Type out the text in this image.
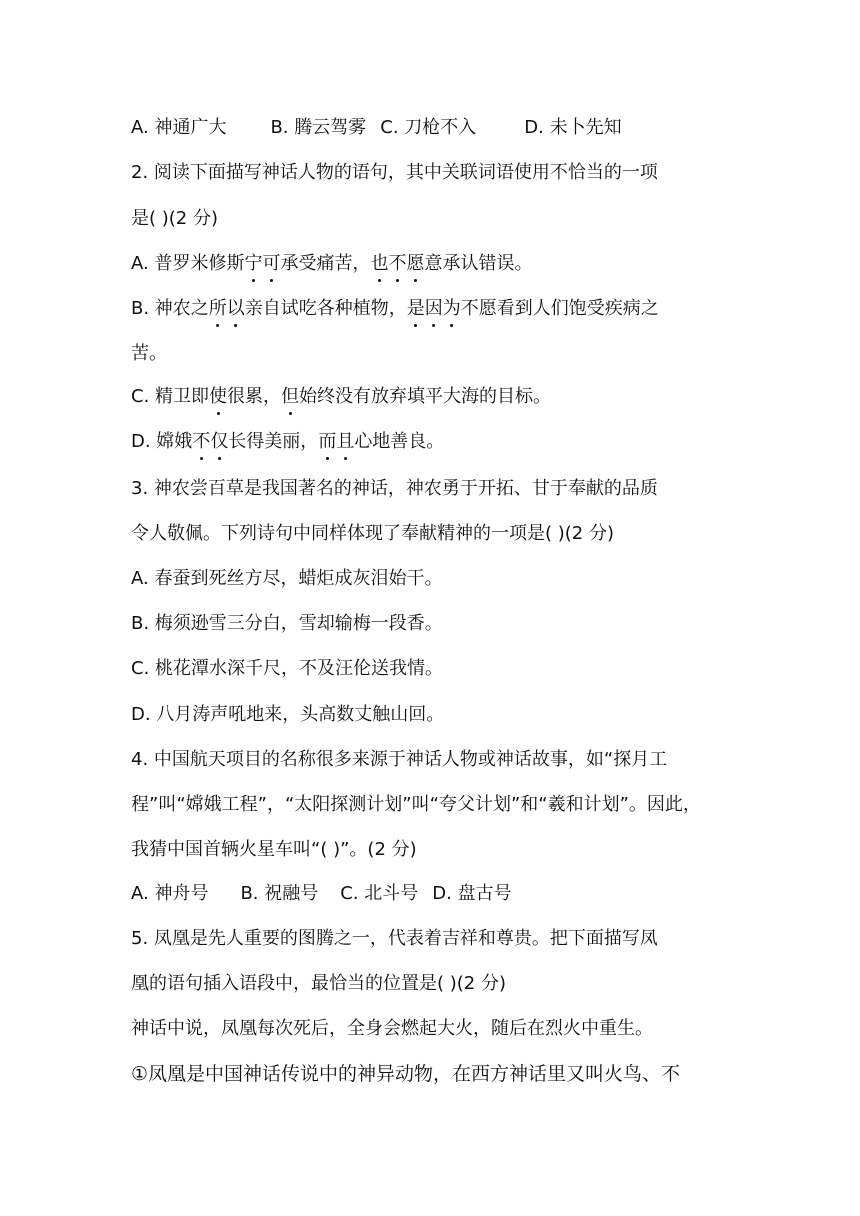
A. 神通广大 B. 腾云驾雾 C. 刀枪不入	D. 未卜先知
2. 阅读下面描写神话人物的语句，其中关联词语使用不恰当的一项
是( )(2 分)
A. 普罗米修斯宁可承受痛苦，也不愿意承认错误。
B. 神农之所以亲自试吃各种植物，是因为不愿看到人们饱受疾病之
苦。
C. 精卫即使很累，但始终没有放弃填平大海的目标。
D. 嫦娥不仅长得美丽，而且心地善良。
3. 神农尝百草是我国著名的神话，神农勇于开拓、甘于奉献的品质
令人敬佩。下列诗句中同样体现了奉献精神的一项是( )(2 分)
A. 春蚕到死丝方尽，蜡炬成灰泪始干。
B. 梅须逊雪三分白，雪却输梅一段香。
C. 桃花潭水深千尺，不及汪伦送我情。
D. 八月涛声吼地来，头高数丈触山回。
4. 中国航天项目的名称很多来源于神话人物或神话故事，如“探月工
程”叫“嫦娥工程”，“太阳探测计划”叫“夸父计划”和“羲和计划”。因此，
我猜中国首辆火星车叫“( )”。(2 分)
A. 神舟号 B. 祝融号 C. 北斗号 D. 盘古号
5. 凤凰是先人重要的图腾之一，代表着吉祥和尊贵。把下面描写凤
凰的语句插入语段中，最恰当的位置是( )(2 分)
神话中说，凤凰每次死后，全身会燃起大火，随后在烈火中重生。
①凤凰是中国神话传说中的神异动物，在西方神话里又叫火鸟、不
